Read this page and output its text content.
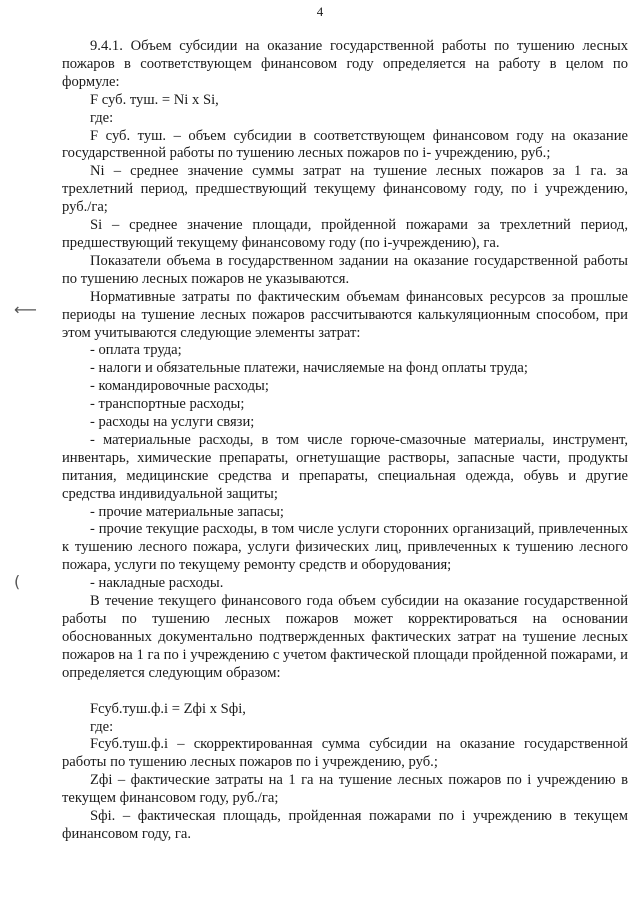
4
⟵
(

9.4.1. Объем субсидии на оказание государственной работы по тушению лесных пожаров в соответствующем финансовом году определяется на работу в целом по формуле:

F суб. туш. = Ni x Si,

где:

F суб. туш. – объем субсидии в соответствующем финансовом году на оказание государственной работы по тушению лесных пожаров по i- учреждению, руб.;

Ni – среднее значение суммы затрат на тушение лесных пожаров за 1 га. за трехлетний период, предшествующий текущему финансовому году, по i учреждению, руб./га;

Si – среднее значение площади, пройденной пожарами за трехлетний период, предшествующий текущему финансовому году (по i-учреждению), га.

Показатели объема в государственном задании на оказание государственной работы по тушению лесных пожаров не указываются.

Нормативные затраты по фактическим объемам финансовых ресурсов за прошлые периоды на тушение лесных пожаров рассчитываются калькуляционным способом, при этом учитываются следующие элементы затрат:

- оплата труда;

- налоги и обязательные платежи, начисляемые на фонд оплаты труда;

- командировочные расходы;

- транспортные расходы;

- расходы на услуги связи;

- материальные расходы, в том числе горюче-смазочные материалы, инструмент, инвентарь, химические препараты, огнетушащие растворы, запасные части, продукты питания, медицинские средства и препараты, специальная одежда, обувь и другие средства индивидуальной защиты;

- прочие материальные запасы;

- прочие текущие расходы, в том числе услуги сторонних организаций, привлеченных к тушению лесного пожара, услуги физических лиц, привлеченных к тушению лесного пожара, услуги по текущему ремонту средств и оборудования;

- накладные расходы.

В течение текущего финансового года объем субсидии на оказание государственной работы по тушению лесных пожаров может корректироваться на основании обоснованных документально подтвержденных фактических затрат на тушение лесных пожаров на 1 га по i учреждению с учетом фактической площади пройденной пожарами, и определяется следующим образом:

Fсуб.туш.ф.i = Zфi x Sфi,

где:

Fсуб.туш.ф.i – скорректированная сумма субсидии на оказание государственной работы по тушению лесных пожаров по i учреждению, руб.;

Zфi – фактические затраты на 1 га на тушение лесных пожаров по i учреждению в текущем финансовом году, руб./га;

Sфi. – фактическая площадь, пройденная пожарами по i учреждению в текущем финансовом году, га.
